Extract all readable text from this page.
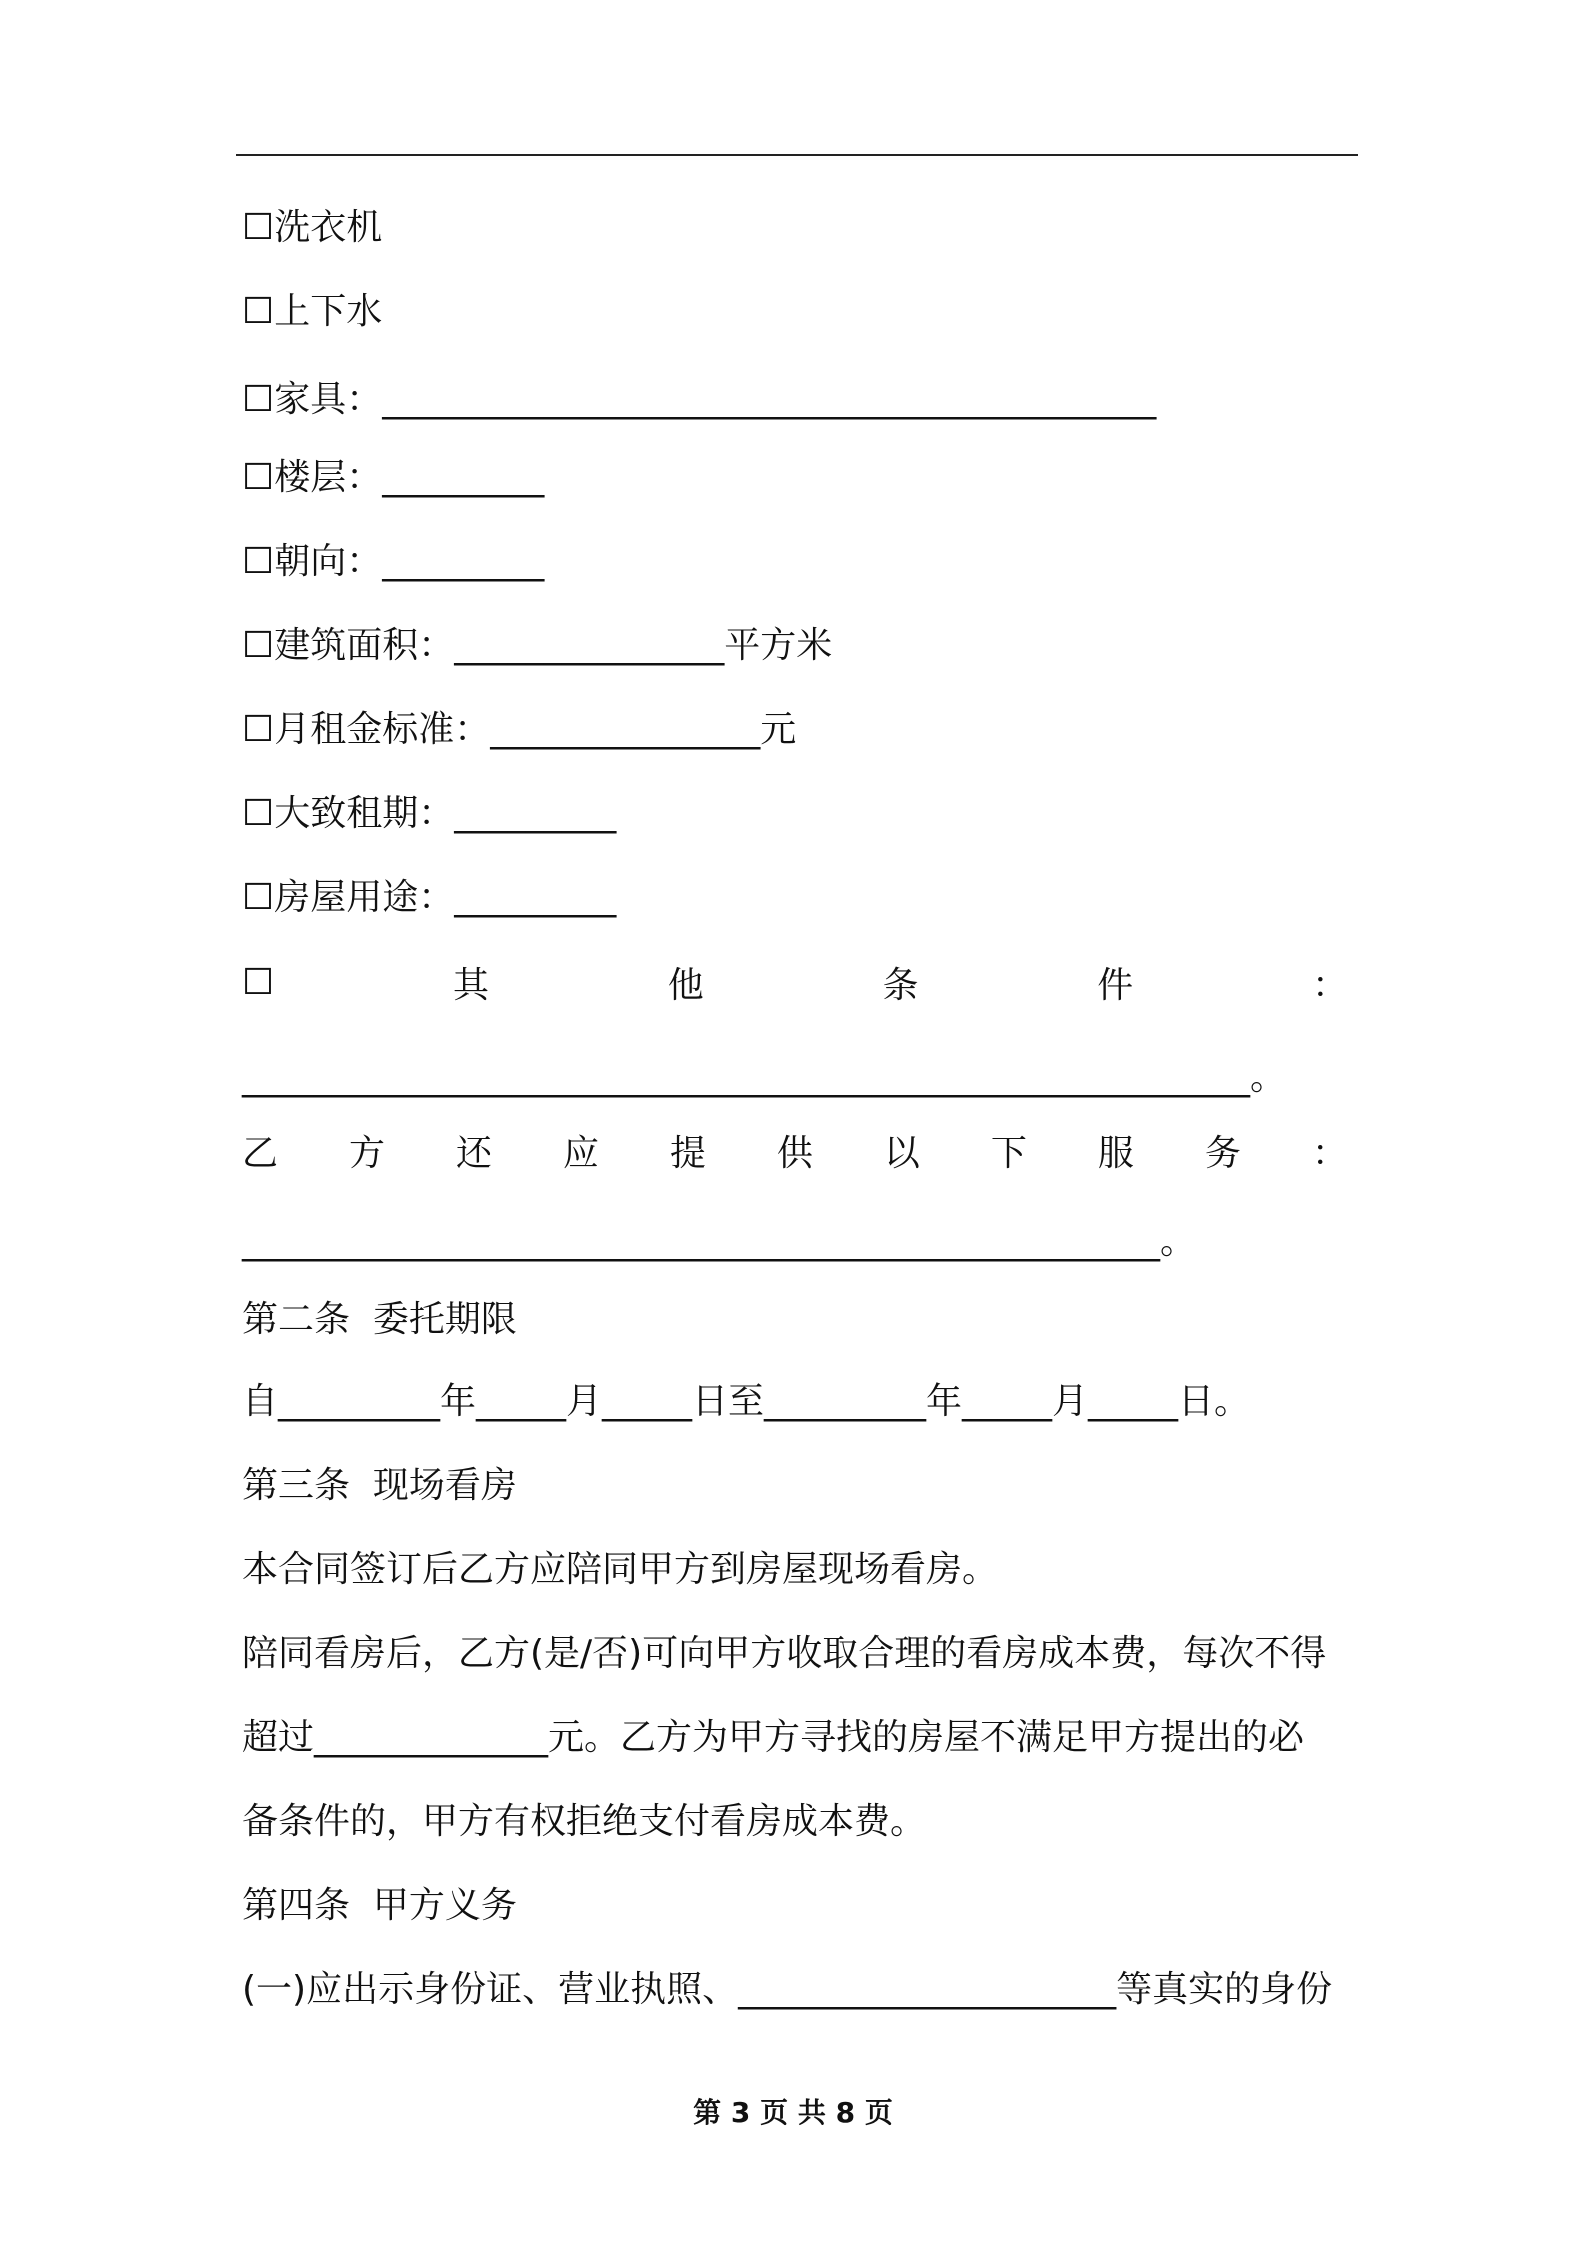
☐洗衣机
☐上下水
☐家具：___________________________________________
☐楼层：_________
☐朝向：_________
☐建筑面积：_______________平方米
☐月租金标准：_______________元
☐大致租期：_________
☐房屋用途：_________
☐	其	他	条	件	：
________________________________________________________。
乙 方 还 应 提 供 以 下 服 务 ：
___________________________________________________。
第二条  委托期限
自_________年_____月_____日至_________年_____月_____日。
第三条  现场看房
本合同签订后乙方应陪同甲方到房屋现场看房。
陪同看房后，乙方(是/否)可向甲方收取合理的看房成本费，每次不得
超过_____________元。乙方为甲方寻找的房屋不满足甲方提出的必
备条件的，甲方有权拒绝支付看房成本费。
第四条  甲方义务
(一)应出示身份证、营业执照、_____________________等真实的身份
第 3 页 共 8 页
